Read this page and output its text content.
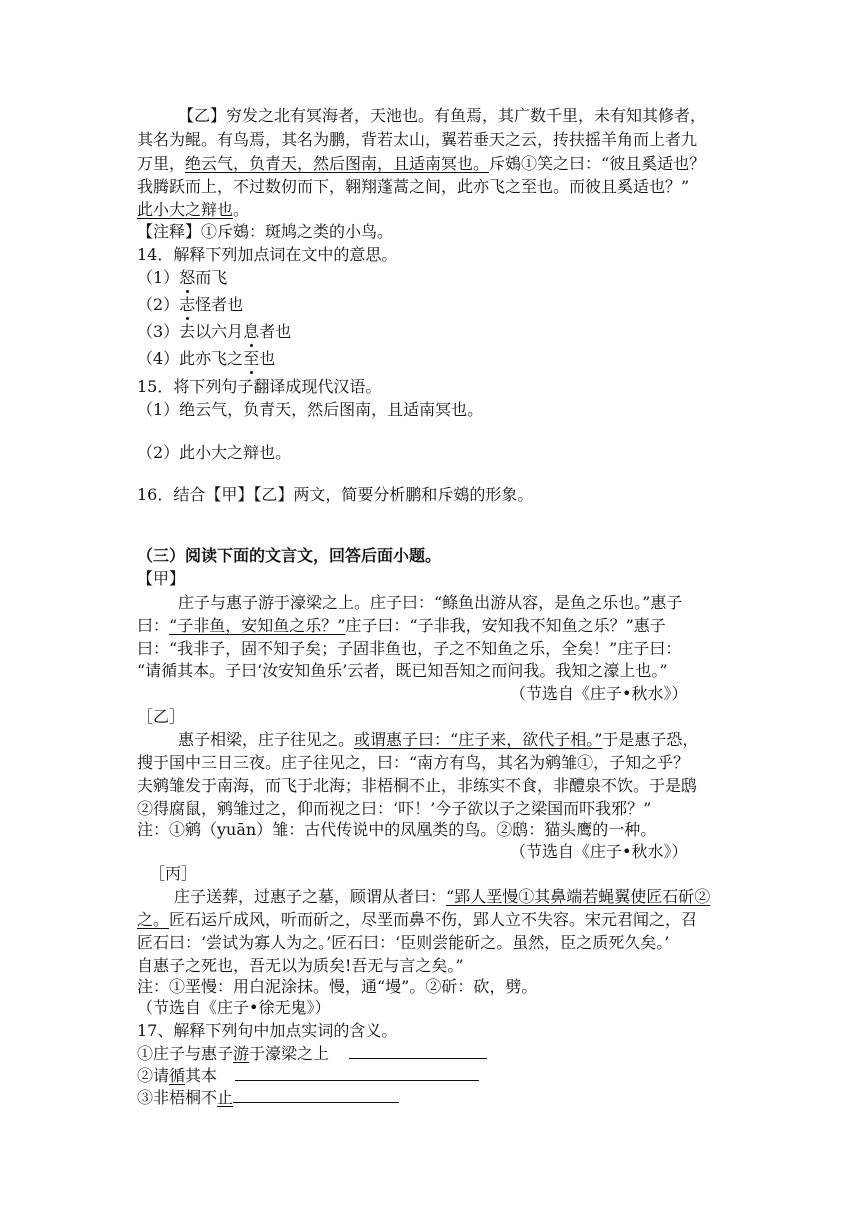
【乙】穷发之北有冥海者，天池也。有鱼焉，其广数千里，未有知其修者，
其名为鲲。有鸟焉，其名为鹏，背若太山，翼若垂天之云，抟扶摇羊角而上者九
万里，绝云气，负青天，然后图南，且适南冥也。斥鴳①笑之曰：“彼且奚适也？
我腾跃而上，不过数仞而下，翱翔蓬蒿之间，此亦飞之至也。而彼且奚适也？”
此小大之辩也。
【注释】①斥鴳：斑鸠之类的小鸟。
14．解释下列加点词在文中的意思。
（1）怒而飞
（2）志怪者也
（3）去以六月息者也
（4）此亦飞之至也
15．将下列句子翻译成现代汉语。
（1）绝云气，负青天，然后图南，且适南冥也。
（2）此小大之辩也。
16．结合【甲】【乙】两文，简要分析鹏和斥鴳的形象。
（三）阅读下面的文言文，回答后面小题。
【甲】
庄子与惠子游于濠梁之上。庄子曰：“鲦鱼出游从容，是鱼之乐也。”惠子
曰：“子非鱼，安知鱼之乐？”庄子曰：“子非我，安知我不知鱼之乐？”惠子
曰：“我非子，固不知子矣；子固非鱼也，子之不知鱼之乐，全矣！”庄子曰：
“请循其本。子曰‘汝安知鱼乐’云者，既已知吾知之而问我。我知之濠上也。”
（节选自《庄子•秋水》）
［乙］
惠子相梁，庄子往见之。或谓惠子曰：“庄子来，欲代子相。”于是惠子恐，
搜于国中三日三夜。庄子往见之，曰：“南方有鸟，其名为鹓雏①，子知之乎？
夫鹓雏发于南海，而飞于北海；非梧桐不止，非练实不食，非醴泉不饮。于是鸱
②得腐鼠，鹓雏过之，仰而视之曰：‘吓！’今子欲以子之梁国而吓我邪？”
注：①鹓（yuān）雏：古代传说中的凤凰类的鸟。②鸱：猫头鹰的一种。
（节选自《庄子•秋水》）
［丙］
庄子送葬，过惠子之墓，顾谓从者曰：“郢人垩慢①其鼻端若蝇翼使匠石斫②
之。匠石运斤成风，听而斫之，尽垩而鼻不伤，郢人立不失容。宋元君闻之，召
匠石曰：‘尝试为寡人为之。’匠石曰：‘臣则尝能斫之。虽然，臣之质死久矣。’
自惠子之死也，吾无以为质矣!吾无与言之矣。”
注：①垩慢：用白泥涂抹。慢，通“墁”。②斫：砍，劈。
（节选自《庄子•徐无鬼》）
17、解释下列句中加点实词的含义。
①庄子与惠子游于濠梁之上
②请循其本
③非梧桐不止
